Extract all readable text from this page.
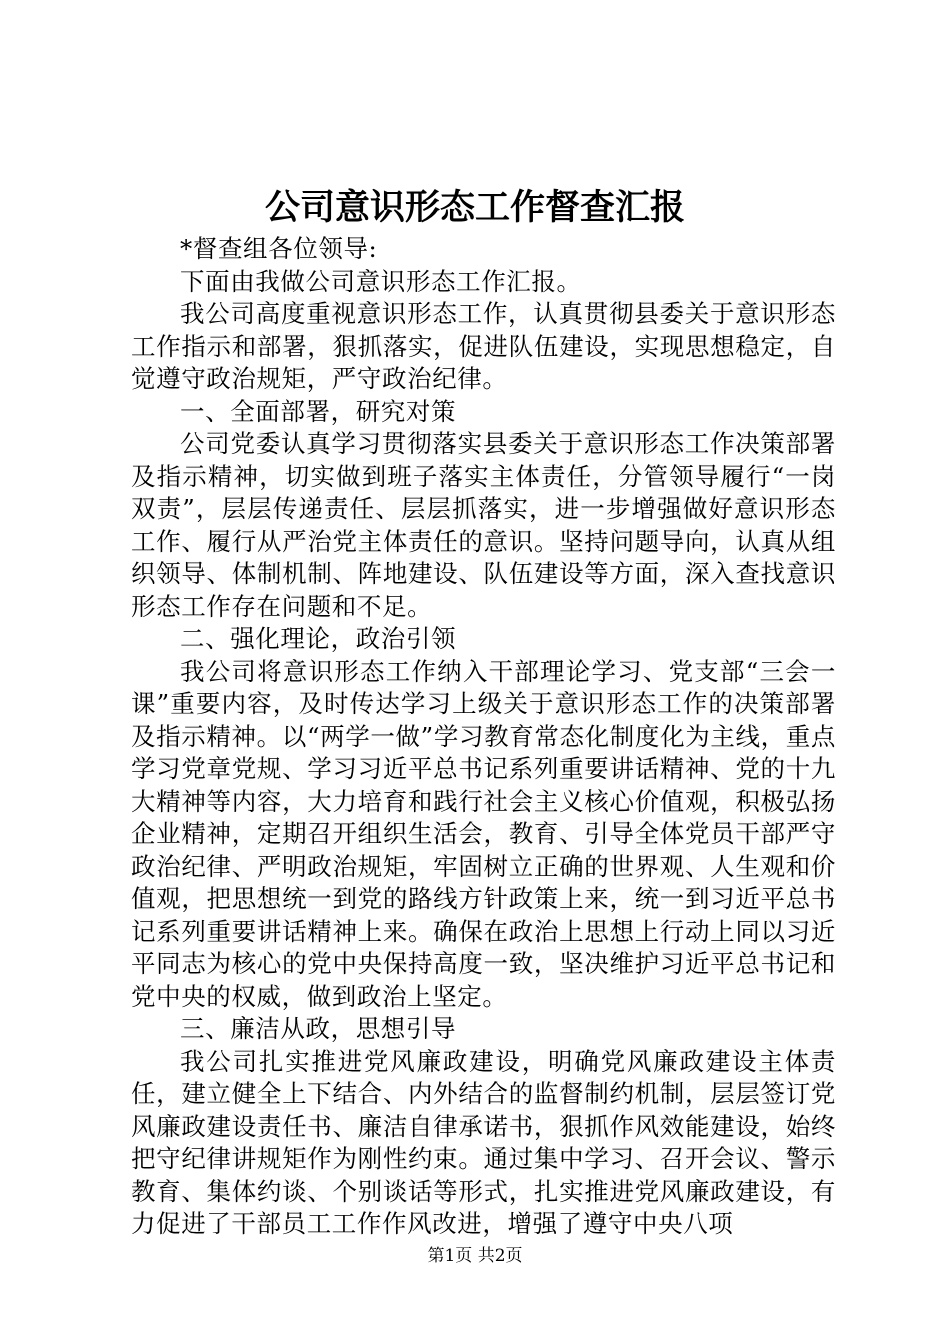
公司意识形态工作督查汇报

*督查组各位领导:

下面由我做公司意识形态工作汇报。

我公司高度重视意识形态工作，认真贯彻县委关于意识形态工作指示和部署，狠抓落实，促进队伍建设，实现思想稳定，自觉遵守政治规矩，严守政治纪律。

一、全面部署，研究对策

公司党委认真学习贯彻落实县委关于意识形态工作决策部署及指示精神，切实做到班子落实主体责任，分管领导履行“一岗双责”，层层传递责任、层层抓落实，进一步增强做好意识形态工作、履行从严治党主体责任的意识。坚持问题导向，认真从组织领导、体制机制、阵地建设、队伍建设等方面，深入查找意识形态工作存在问题和不足。

二、强化理论，政治引领

我公司将意识形态工作纳入干部理论学习、党支部“三会一课”重要内容，及时传达学习上级关于意识形态工作的决策部署及指示精神。以“两学一做”学习教育常态化制度化为主线，重点学习党章党规、学习习近平总书记系列重要讲话精神、党的十九大精神等内容，大力培育和践行社会主义核心价值观，积极弘扬企业精神，定期召开组织生活会，教育、引导全体党员干部严守政治纪律、严明政治规矩，牢固树立正确的世界观、人生观和价值观，把思想统一到党的路线方针政策上来，统一到习近平总书记系列重要讲话精神上来。确保在政治上思想上行动上同以习近平同志为核心的党中央保持高度一致，坚决维护习近平总书记和党中央的权威，做到政治上坚定。

三、廉洁从政，思想引导

我公司扎实推进党风廉政建设，明确党风廉政建设主体责任，建立健全上下结合、内外结合的监督制约机制，层层签订党风廉政建设责任书、廉洁自律承诺书，狠抓作风效能建设，始终把守纪律讲规矩作为刚性约束。通过集中学习、召开会议、警示教育、集体约谈、个别谈话等形式，扎实推进党风廉政建设，有力促进了干部员工工作作风改进，增强了遵守中央八项

第1页 共2页
